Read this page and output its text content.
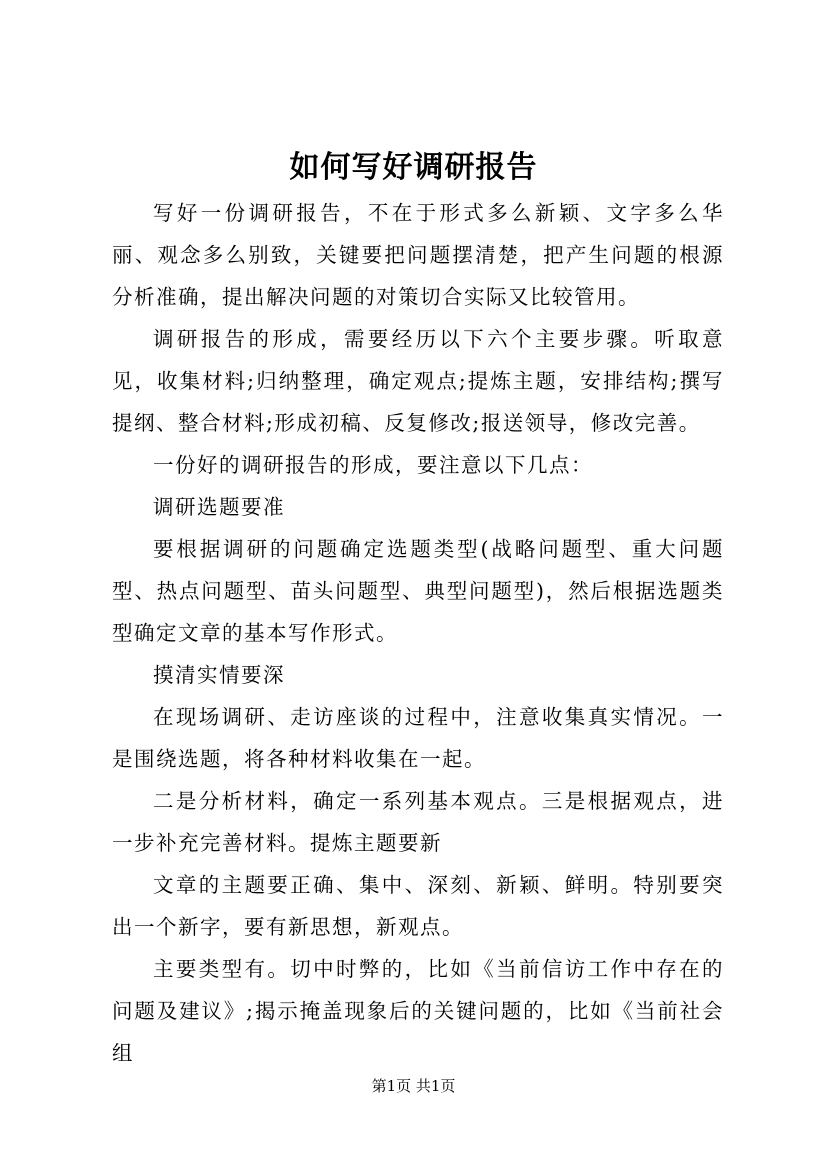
如何写好调研报告

写好一份调研报告，不在于形式多么新颖、文字多么华丽、观念多么别致，关键要把问题摆清楚，把产生问题的根源分析准确，提出解决问题的对策切合实际又比较管用。

调研报告的形成，需要经历以下六个主要步骤。听取意见，收集材料;归纳整理，确定观点;提炼主题，安排结构;撰写提纲、整合材料;形成初稿、反复修改;报送领导，修改完善。

一份好的调研报告的形成，要注意以下几点：

调研选题要准

要根据调研的问题确定选题类型(战略问题型、重大问题型、热点问题型、苗头问题型、典型问题型)，然后根据选题类型确定文章的基本写作形式。

摸清实情要深

在现场调研、走访座谈的过程中，注意收集真实情况。一是围绕选题，将各种材料收集在一起。

二是分析材料，确定一系列基本观点。三是根据观点，进一步补充完善材料。提炼主题要新

文章的主题要正确、集中、深刻、新颖、鲜明。特别要突出一个新字，要有新思想，新观点。

主要类型有。切中时弊的，比如《当前信访工作中存在的问题及建议》;揭示掩盖现象后的关键问题的，比如《当前社会组

第1页 共1页
